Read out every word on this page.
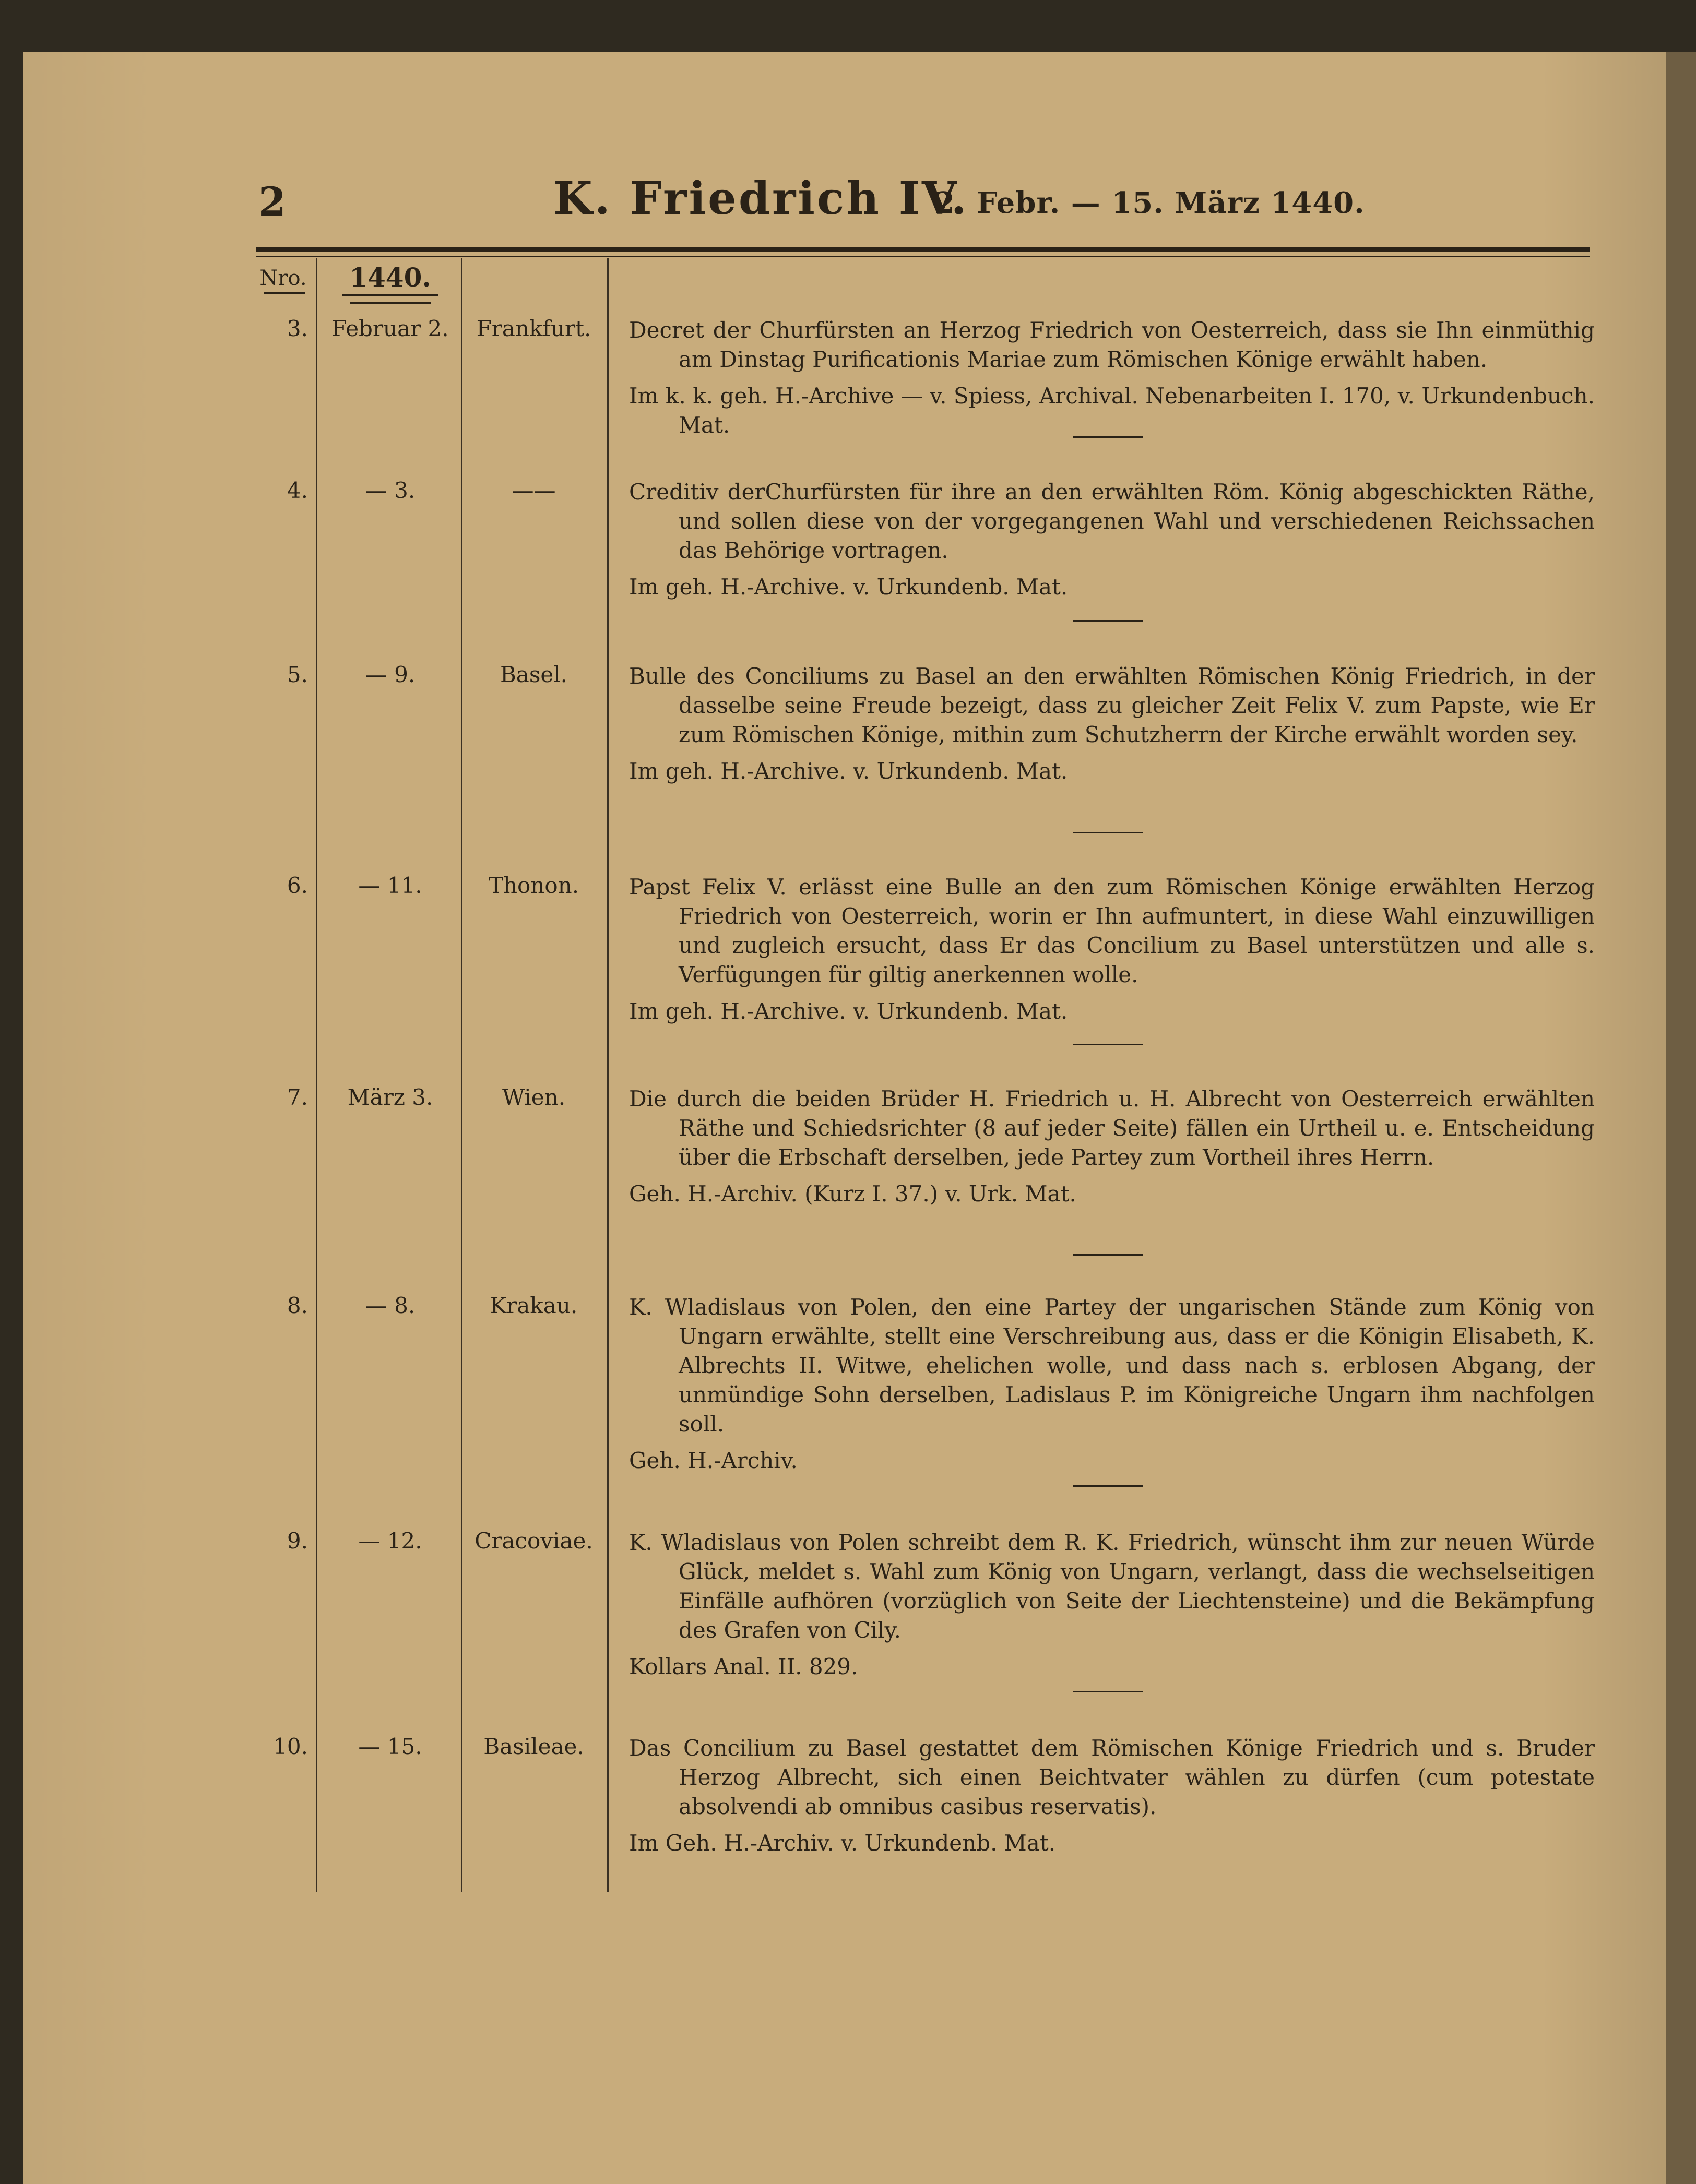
2	K. Friedrich IV.
2. Febr. — 15. März 1440.
Nro.	1440.
3.	Februar 2.	Frankfurt.	Decret der Churfürsten an Herzog Friedrich von Oesterreich, dass sie Ihn einmüthig am Dinstag Purificationis Mariae zum Römischen Könige erwählt haben.

Im k. k. geh. H.-Archive — v. Spiess, Archival. Nebenarbeiten I. 170, v. Urkundenbuch. Mat.

4.	— 3.	——	Creditiv derChurfürsten für ihre an den erwählten Röm. König abgeschickten Räthe, und sollen diese von der vorgegangenen Wahl und verschiedenen Reichssachen das Behörige vortragen.

Im geh. H.-Archive. v. Urkundenb. Mat.

5.	— 9.	Basel.	Bulle des Conciliums zu Basel an den erwählten Römischen König Friedrich, in der dasselbe seine Freude bezeigt, dass zu gleicher Zeit Felix V. zum Papste, wie Er zum Römischen Könige, mithin zum Schutzherrn der Kirche erwählt worden sey.

Im geh. H.-Archive. v. Urkundenb. Mat.

6.	— 11.	Thonon.	Papst Felix V. erlässt eine Bulle an den zum Römischen Könige erwählten Herzog Friedrich von Oesterreich, worin er Ihn aufmuntert, in diese Wahl einzuwilligen und zugleich ersucht, dass Er das Concilium zu Basel unterstützen und alle s. Verfügungen für giltig anerkennen wolle.

Im geh. H.-Archive. v. Urkundenb. Mat.

7.	März 3.	Wien.	Die durch die beiden Brüder H. Friedrich u. H. Albrecht von Oesterreich erwählten Räthe und Schiedsrichter (8 auf jeder Seite) fällen ein Urtheil u. e. Entscheidung über die Erbschaft derselben, jede Partey zum Vortheil ihres Herrn.

Geh. H.-Archiv. (Kurz I. 37.) v. Urk. Mat.

8.	— 8.	Krakau.	K. Wladislaus von Polen, den eine Partey der ungarischen Stände zum König von Ungarn erwählte, stellt eine Verschreibung aus, dass er die Königin Elisabeth, K. Albrechts II. Witwe, ehelichen wolle, und dass nach s. erblosen Abgang, der unmündige Sohn derselben, Ladislaus P. im Königreiche Ungarn ihm nachfolgen soll.

Geh. H.-Archiv.

9.	— 12.	Cracoviae.	K. Wladislaus von Polen schreibt dem R. K. Friedrich, wünscht ihm zur neuen Würde Glück, meldet s. Wahl zum König von Ungarn, verlangt, dass die wechselseitigen Einfälle aufhören (vorzüglich von Seite der Liechtensteine) und die Bekämpfung des Grafen von Cily.

Kollars Anal. II. 829.

10.	— 15.	Basileae.	Das Concilium zu Basel gestattet dem Römischen Könige Friedrich und s. Bruder Herzog Albrecht, sich einen Beichtvater wählen zu dürfen (cum potestate absolvendi ab omnibus casibus reservatis).

Im Geh. H.-Archiv. v. Urkundenb. Mat.
